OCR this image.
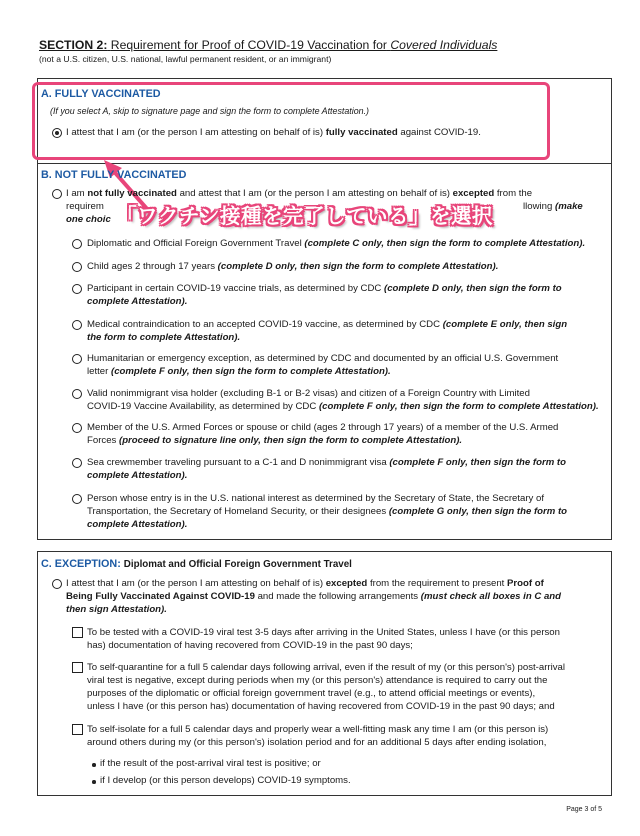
SECTION 2: Requirement for Proof of COVID-19 Vaccination for Covered Individuals
(not a U.S. citizen, U.S. national, lawful permanent resident, or an immigrant)
A. FULLY VACCINATED
(If you select A, skip to signature page and sign the form to complete Attestation.)
I attest that I am (or the person I am attesting on behalf of is) fully vaccinated against COVID-19.
B. NOT FULLY VACCINATED
I am not fully vaccinated and attest that I am (or the person I am attesting on behalf of is) excepted from the
requirem	llowing (make
one choic 「ワクチン接種を完了している」を選択
Diplomatic and Official Foreign Government Travel (complete C only, then sign the form to complete Attestation).
Child ages 2 through 17 years (complete D only, then sign the form to complete Attestation).
Participant in certain COVID-19 vaccine trials, as determined by CDC (complete D only, then sign the form to
complete Attestation).
Medical contraindication to an accepted COVID-19 vaccine, as determined by CDC (complete E only, then sign
the form to complete Attestation).
Humanitarian or emergency exception, as determined by CDC and documented by an official U.S. Government
letter (complete F only, then sign the form to complete Attestation).
Valid nonimmigrant visa holder (excluding B-1 or B-2 visas) and citizen of a Foreign Country with Limited
COVID-19 Vaccine Availability, as determined by CDC (complete F only, then sign the form to complete Attestation).
Member of the U.S. Armed Forces or spouse or child (ages 2 through 17 years) of a member of the U.S. Armed
Forces (proceed to signature line only, then sign the form to complete Attestation).
Sea crewmember traveling pursuant to a C-1 and D nonimmigrant visa (complete F only, then sign the form to
complete Attestation).
Person whose entry is in the U.S. national interest as determined by the Secretary of State, the Secretary of
Transportation, the Secretary of Homeland Security, or their designees (complete G only, then sign the form to
complete Attestation).
C. EXCEPTION: Diplomat and Official Foreign Government Travel
I attest that I am (or the person I am attesting on behalf of is) excepted from the requirement to present Proof of
Being Fully Vaccinated Against COVID-19 and made the following arrangements (must check all boxes in C and
then sign Attestation).
To be tested with a COVID-19 viral test 3-5 days after arriving in the United States, unless I have (or this person
has) documentation of having recovered from COVID-19 in the past 90 days;
To self-quarantine for a full 5 calendar days following arrival, even if the result of my (or this person's) post-arrival
viral test is negative, except during periods when my (or this person's) attendance is required to carry out the
purposes of the diplomatic or official foreign government travel (e.g., to attend official meetings or events),
unless I have (or this person has) documentation of having recovered from COVID-19 in the past 90 days; and
To self-isolate for a full 5 calendar days and properly wear a well-fitting mask any time I am (or this person is)
around others during my (or this person's) isolation period and for an additional 5 days after ending isolation,
if the result of the post-arrival viral test is positive; or
if I develop (or this person develops) COVID-19 symptoms.
Page 3 of 5
